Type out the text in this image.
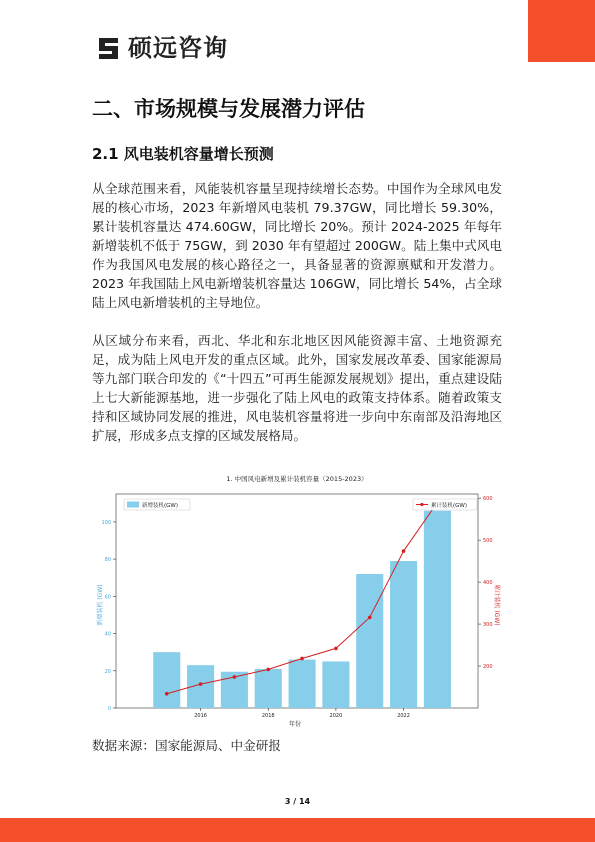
硕远咨询
二、市场规模与发展潜力评估
2.1 风电装机容量增长预测

从全球范围来看，风能装机容量呈现持续增长态势。中国作为全球风电发展的核心市场，2023 年新增风电装机 79.37GW，同比增长 59.30%，累计装机容量达 474.60GW，同比增长 20%。预计 2024-2025 年每年新增装机不低于 75GW，到 2030 年有望超过 200GW。陆上集中式风电作为我国风电发展的核心路径之一，具备显著的资源禀赋和开发潜力。2023 年我国陆上风电新增装机容量达 106GW，同比增长 54%，占全球陆上风电新增装机的主导地位。

从区域分布来看，西北、华北和东北地区因风能资源丰富、土地资源充足，成为陆上风电开发的重点区域。此外，国家发展改革委、国家能源局等九部门联合印发的《“十四五”可再生能源发展规划》提出，重点建设陆上七大新能源基地，进一步强化了陆上风电的政策支持体系。随着政策支持和区域协同发展的推进，风电装机容量将进一步向中东南部及沿海地区扩展，形成多点支撑的区域发展格局。

1. 中国风电新增及累计装机容量（2015-2023）
0
20
40
60
80
100
200
300
400
500
600
2016	2018	2020	2022
年份
新增装机 (GW)	累计装机 (GW)
新增装机(GW)	累计装机(GW)
数据来源：国家能源局、中金研报
3 / 14
